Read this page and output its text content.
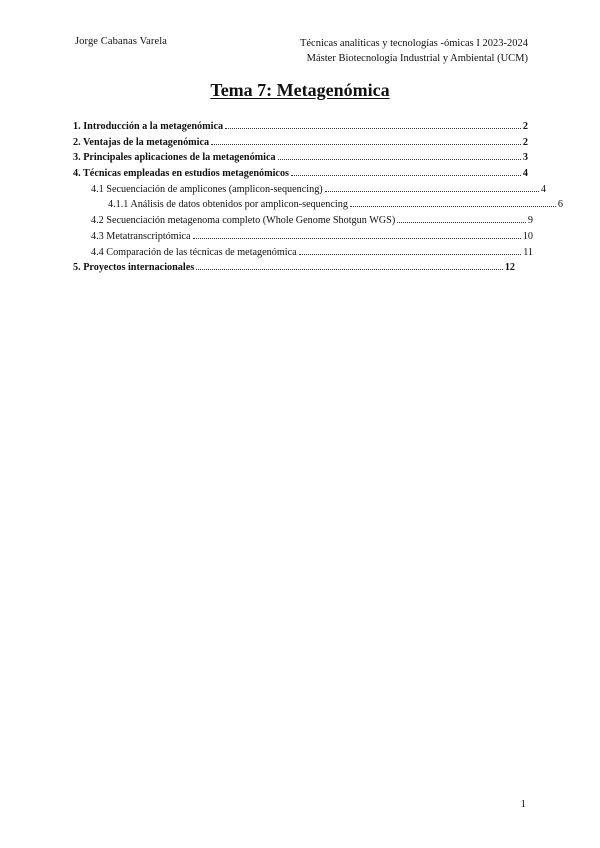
Jorge Cabanas Varela	Técnicas analíticas y tecnologías -ómicas I 2023-2024
Máster Biotecnología Industrial y Ambiental (UCM)
Tema 7: Metagenómica
1. Introducción a la metagenómica	2
2. Ventajas de la metagenómica	2
3. Principales aplicaciones de la metagenómica	3
4. Técnicas empleadas en estudios metagenómicos	4
4.1 Secuenciación de amplicones (amplicon-sequencing)	4
4.1.1 Análisis de datos obtenidos por amplicon-sequencing	6
4.2 Secuenciación metagenoma completo (Whole Genome Shotgun WGS)	9
4.3 Metatranscriptómica	10
4.4 Comparación de las técnicas de metagenómica	11
5. Proyectos internacionales	12
1
